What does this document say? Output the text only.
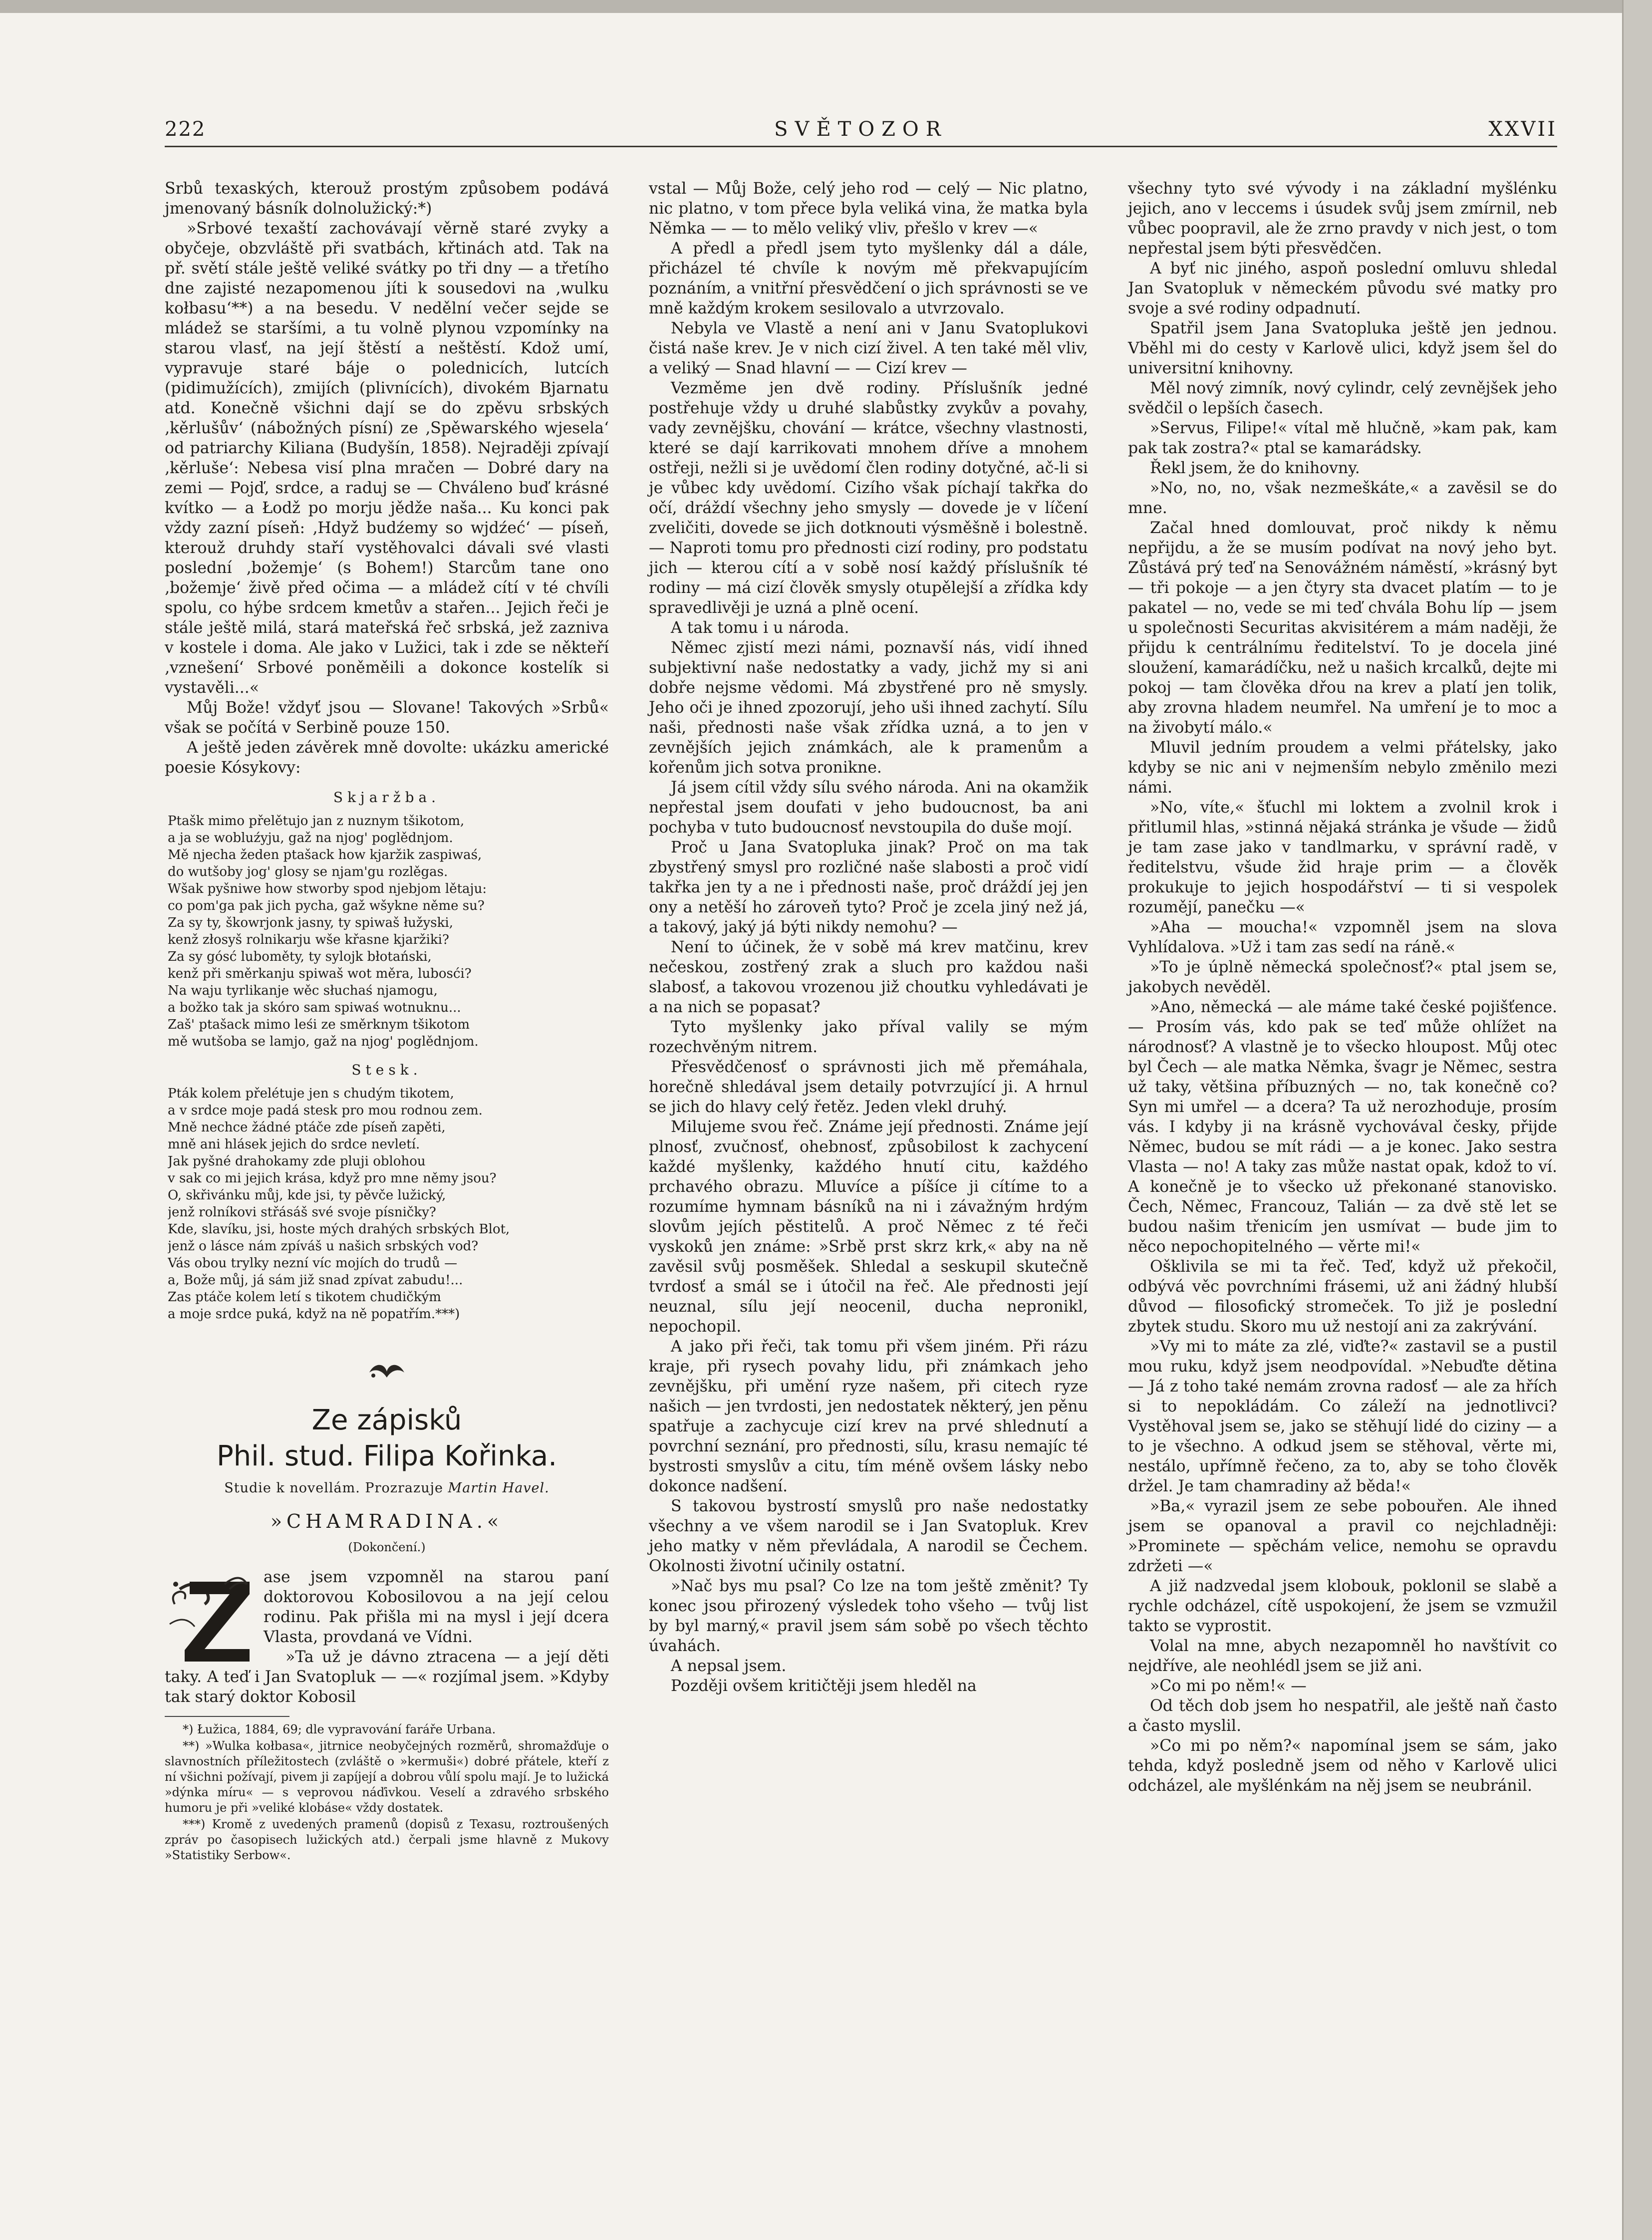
222	SVĚTOZOR	XXVII

Srbů texaských, kterouž prostým způsobem podává jmenovaný básník dolnolužický:*)

»Srbové texaští zachovávají věrně staré zvyky a obyčeje, obzvláště při svatbách, křtinách atd. Tak na př. světí stále ještě veliké svátky po tři dny — a třetího dne zajisté nezapomenou jíti k sousedovi na ‚wulku kołbasu‘**) a na besedu. V nedělní večer sejde se mládež se staršími, a tu volně plynou vzpomínky na starou vlasť, na její štěstí a neštěstí. Kdož umí, vypravuje staré báje o polednicích, lutcích (pidimužících), zmijích (plivnících), divokém Bjarnatu atd. Konečně všichni dají se do zpěvu srbských ‚kěrlušův‘ (nábožných písní) ze ‚Spěwarského wjesela‘ od patriarchy Kiliana (Budyšín, 1858). Nejraději zpívají ‚kěrluše‘: Nebesa visí plna mračen — Dobré dary na zemi — Pojď, srdce, a raduj se — Chváleno buď krásné kvítko — a Łodž po morju jědže naša... Ku konci pak vždy zazní píseň: ‚Hdyž budźemy so wjdźeć‘ — píseň, kterouž druhdy staří vystěhovalci dávali své vlasti poslední ‚božemje‘ (s Bohem!) Starcům tane ono ‚božemje‘ živě před očima — a mládež cítí v té chvíli spolu, co hýbe srdcem kmetův a stařen... Jejich řeči je stále ještě milá, stará mateřská řeč srbská, jež zazniva v kostele i doma. Ale jako v Lužici, tak i zde se někteří ‚vznešení‘ Srbové poněměili a dokonce kostelík si vystavěli...«

Můj Bože! vždyť jsou — Slovane! Takových »Srbů« však se počítá v Serbině pouze 150.

A ještě jeden závěrek mně dovolte: ukázku americké poesie Kósykovy:

Skjaržba.
Ptašk mimo přelětujo jan z nuznym tšikotom,
a ja se wobluźyju, gaž na njog' poglědnjom.
Mě njecha žeden ptašack how kjaržik zaspiwaś,
do wutšoby jog' glosy se njam'gu rozlěgas.
Wšak pyšniwe how stworby spod njebjom lětaju:
co pom'ga pak jich pycha, gaž wšykne něme su?
Za sy ty, škowrjonk jasny, ty spiwaš łužyski,
kenž złosyš rolnikarju wše křasne kjaržiki?
Za sy gósć luboměty, ty sylojk błotański,
kenž při směrkanju spiwaš wot měra, lubosći?
Na waju tyrlikanje wěc słuchaś njamogu,
a božko tak ja skóro sam spiwaś wotnuknu...
Zaš' ptašack mimo leśi ze směrknym tšikotom
mě wutšoba se lamjo, gaž na njog' poglědnjom.
Stesk.
Pták kolem přelétuje jen s chudým tikotem,
a v srdce moje padá stesk pro mou rodnou zem.
Mně nechce žádné ptáče zde píseň zapěti,
mně ani hlásek jejich do srdce nevletí.
Jak pyšné drahokamy zde pluji oblohou
v sak co mi jejich krása, když pro mne němy jsou?
O, skřivánku můj, kde jsi, ty pěvče lužický,
jenž rolníkovi střásáš své svoje písničky?
Kde, slavíku, jsi, hoste mých drahých srbských Blot,
jenž o lásce nám zpíváš u našich srbských vod?
Vás obou trylky nezní víc mojích do trudů —
a, Bože můj, já sám již snad zpívat zabudu!...
Zas ptáče kolem letí s tikotem chudičkým
a moje srdce puká, když na ně popatřím.***)
Ze zápisků
Phil. stud. Filipa Kořinka.
Studie k novellám. Prozrazuje Martin Havel.
»CHAMRADINA.«
(Dokončení.)

ase jsem vzpomněl na starou paní doktorovou Kobosilovou a na její celou rodinu. Pak přišla mi na mysl i její dcera Vlasta, provdaná ve Vídni.

»Ta už je dávno ztracena — a její děti taky. A teď i Jan Svatopluk — —« rozjímal jsem. »Kdyby tak starý doktor Kobosil

*) Łužica, 1884, 69; dle vypravování faráře Urbana.

**) »Wulka kołbasa«, jitrnice neobyčejných rozměrů, shromažďuje o slavnostních příležitostech (zvláště o »kermuši«) dobré přátele, kteří z ní všichni požívají, pivem ji zapíjejí a dobrou vůlí spolu mají. Je to lužická »dýnka míru« — s veprovou náďivkou. Veselí a zdravého srbského humoru je při »veliké klobáse« vždy dostatek.

***) Kromě z uvedených pramenů (dopisů z Texasu, roztroušených zpráv po časopisech lužických atd.) čerpali jsme hlavně z Mukovy »Statistiky Serbow«.

vstal — Můj Bože, celý jeho rod — celý — Nic platno, nic platno, v tom přece byla veliká vina, že matka byla Němka — — to mělo veliký vliv, přešlo v krev —«

A předl a předl jsem tyto myšlenky dál a dále, přicházel té chvíle k novým mě překvapujícím poznáním, a vnitřní přesvědčení o jich správnosti se ve mně každým krokem sesilovalo a utvrzovalo.

Nebyla ve Vlastě a není ani v Janu Svatoplukovi čistá naše krev. Je v nich cizí živel. A ten také měl vliv, a veliký — Snad hlavní — — Cizí krev —

Vezměme jen dvě rodiny. Příslušník jedné postřehuje vždy u druhé slabůstky zvykův a povahy, vady zevnějšku, chování — krátce, všechny vlastnosti, které se dají karrikovati mnohem dříve a mnohem ostřeji, nežli si je uvědomí člen rodiny dotyčné, ač-li si je vůbec kdy uvědomí. Cizího však píchají takřka do očí, dráždí všechny jeho smysly — dovede je v líčení zveličiti, dovede se jich dotknouti výsměšně i bolestně. — Naproti tomu pro přednosti cizí rodiny, pro podstatu jich — kterou cítí a v sobě nosí každý příslušník té rodiny — má cizí člověk smysly otupělejší a zřídka kdy spravedlivěji je uzná a plně ocení.

A tak tomu i u národa.

Němec zjistí mezi námi, poznavší nás, vidí ihned subjektivní naše nedostatky a vady, jichž my si ani dobře nejsme vědomi. Má zbystřené pro ně smysly. Jeho oči je ihned zpozorují, jeho uši ihned zachytí. Sílu naši, přednosti naše však zřídka uzná, a to jen v zevnějších jejich známkách, ale k pramenům a kořenům jich sotva pronikne.

Já jsem cítil vždy sílu svého národa. Ani na okamžik nepřestal jsem doufati v jeho budoucnost, ba ani pochyba v tuto budoucnosť nevstoupila do duše mojí.

Proč u Jana Svatopluka jinak? Proč on ma tak zbystřený smysl pro rozličné naše slabosti a proč vidí takřka jen ty a ne i přednosti naše, proč dráždí jej jen ony a netěší ho zároveň tyto? Proč je zcela jiný než já, a takový, jaký já býti nikdy nemohu? —

Není to účinek, že v sobě má krev matčinu, krev nečeskou, zostřený zrak a sluch pro každou naši slabosť, a takovou vrozenou již choutku vyhledávati je a na nich se popasat?

Tyto myšlenky jako příval valily se mým rozechvěným nitrem.

Přesvědčenosť o správnosti jich mě přemáhala, horečně shledával jsem detaily potvrzující ji. A hrnul se jich do hlavy celý řetěz. Jeden vlekl druhý.

Milujeme svou řeč. Známe její přednosti. Známe její plnosť, zvučnosť, ohebnosť, způsobilost k zachycení každé myšlenky, každého hnutí citu, každého prchavého obrazu. Mluvíce a píšíce ji cítíme to a rozumíme hymnam básníků na ni i závažným hrdým slovům jejích pěstitelů. A proč Němec z té řeči vyskoků jen známe: »Srbě prst skrz krk,« aby na ně zavěsil svůj posměšek. Shledal a seskupil skutečně tvrdosť a smál se i útočil na řeč. Ale přednosti její neuznal, sílu její neocenil, ducha nepronikl, nepochopil.

A jako při řeči, tak tomu při všem jiném. Při rázu kraje, při rysech povahy lidu, při známkach jeho zevnějšku, při umění ryze našem, při citech ryze našich — jen tvrdosti, jen nedostatek některý, jen pěnu spatřuje a zachycuje cizí krev na prvé shlednutí a povrchní seznání, pro přednosti, sílu, krasu nemajíc té bystrosti smyslův a citu, tím méně ovšem lásky nebo dokonce nadšení.

S takovou bystrostí smyslů pro naše nedostatky všechny a ve všem narodil se i Jan Svatopluk. Krev jeho matky v něm převládala, A narodil se Čechem. Okolnosti životní učinily ostatní.

»Nač bys mu psal? Co lze na tom ještě změnit? Ty konec jsou přirozený výsledek toho všeho — tvůj list by byl marný,« pravil jsem sám sobě po všech těchto úvahách.

A nepsal jsem.

Později ovšem kritičtěji jsem hleděl na

všechny tyto své vývody i na základní myšlénku jejich, ano v leccems i úsudek svůj jsem zmírnil, neb vůbec poopravil, ale že zrno pravdy v nich jest, o tom nepřestal jsem býti přesvědčen.

A byť nic jiného, aspoň poslední omluvu shledal Jan Svatopluk v německém původu své matky pro svoje a své rodiny odpadnutí.

Spatřil jsem Jana Svatopluka ještě jen jednou. Vběhl mi do cesty v Karlově ulici, když jsem šel do universitní knihovny.

Měl nový zimník, nový cylindr, celý zevnějšek jeho svědčil o lepších časech.

»Servus, Filipe!« vítal mě hlučně, »kam pak, kam pak tak zostra?« ptal se kamarádsky.

Řekl jsem, že do knihovny.

»No, no, no, však nezmeškáte,« a zavěsil se do mne.

Začal hned domlouvat, proč nikdy k němu nepřijdu, a že se musím podívat na nový jeho byt. Zůstává prý teď na Senovážném náměstí, »krásný byt — tři pokoje — a jen čtyry sta dvacet platím — to je pakatel — no, vede se mi teď chvála Bohu líp — jsem u společnosti Securitas akvisitérem a mám naději, že přijdu k centrálnímu ředitelství. To je docela jiné sloužení, kamarádíčku, než u našich krcalků, dejte mi pokoj — tam člověka dřou na krev a platí jen tolik, aby zrovna hladem neumřel. Na umření je to moc a na živobytí málo.«

Mluvil jedním proudem a velmi přátelsky, jako kdyby se nic ani v nejmenším nebylo změnilo mezi námi.

»No, víte,« šťuchl mi loktem a zvolnil krok i přitlumil hlas, »stinná nějaká stránka je všude — židů je tam zase jako v tandlmarku, v správní radě, v ředitelstvu, všude žid hraje prim — a člověk prokukuje to jejich hospodářství — ti si vespolek rozumějí, panečku —«

»Aha — moucha!« vzpomněl jsem na slova Vyhlídalova. »Už i tam zas sedí na ráně.«

»To je úplně německá společnosť?« ptal jsem se, jakobych nevěděl.

»Ano, německá — ale máme také české pojišťence. — Prosím vás, kdo pak se teď může ohlížet na národnosť? A vlastně je to všecko hloupost. Můj otec byl Čech — ale matka Němka, švagr je Němec, sestra už taky, většina příbuzných — no, tak konečně co? Syn mi umřel — a dcera? Ta už nerozhoduje, prosím vás. I kdyby ji na krásně vychovával česky, přijde Němec, budou se mít rádi — a je konec. Jako sestra Vlasta — no! A taky zas může nastat opak, kdož to ví. A konečně je to všecko už překonané stanovisko. Čech, Němec, Francouz, Talián — za dvě stě let se budou našim třenicím jen usmívat — bude jim to něco nepochopitelného — věrte mi!«

Ošklivila se mi ta řeč. Teď, když už překočil, odbývá věc povrchními frásemi, už ani žádný hlubší důvod — filosofický stromeček. To již je poslední zbytek studu. Skoro mu už nestojí ani za zakrývání.

»Vy mi to máte za zlé, viďte?« zastavil se a pustil mou ruku, když jsem neodpovídal. »Nebuďte dětina — Já z toho také nemám zrovna radosť — ale za hřích si to nepokládám. Co záleží na jednotlivci? Vystěhoval jsem se, jako se stěhují lidé do ciziny — a to je všechno. A odkud jsem se stěhoval, věrte mi, nestálo, upřímně řečeno, za to, aby se toho člověk držel. Je tam chamradiny až běda!«

»Ba,« vyrazil jsem ze sebe pobouřen. Ale ihned jsem se opanoval a pravil co nejchladněji: »Prominete — spěchám velice, nemohu se opravdu zdržeti —«

A již nadzvedal jsem klobouk, poklonil se slabě a rychle odcházel, cítě uspokojení, že jsem se vzmužil takto se vyprostit.

Volal na mne, abych nezapomněl ho navštívit co nejdříve, ale neohlédl jsem se již ani.

»Co mi po něm!« —

Od těch dob jsem ho nespatřil, ale ještě naň často a často myslil.

»Co mi po něm?« napomínal jsem se sám, jako tehda, když posledně jsem od něho v Karlově ulici odcházel, ale myšlénkám na něj jsem se neubránil.
